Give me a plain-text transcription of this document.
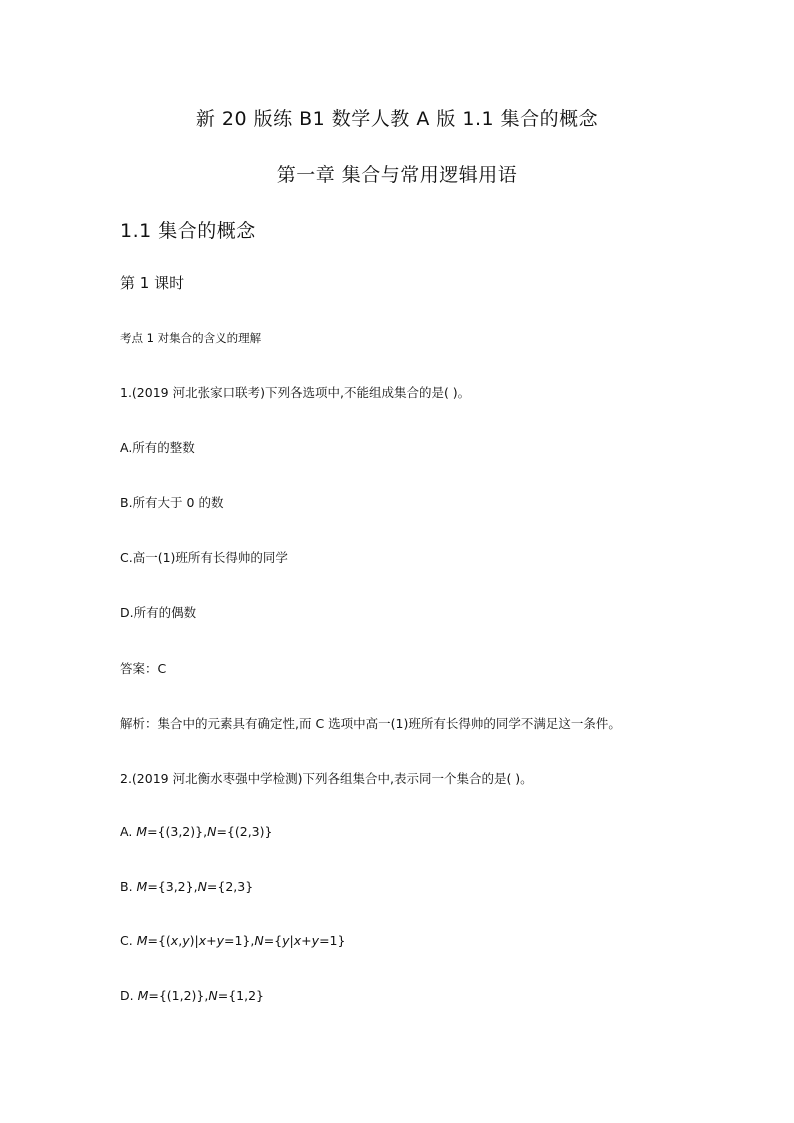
新 20 版练 B1 数学人教 A 版 1.1 集合的概念
第一章 集合与常用逻辑用语
1.1 集合的概念
第 1 课时
考点 1 对集合的含义的理解
1.(2019 河北张家口联考)下列各选项中,不能组成集合的是( )。
A.所有的整数
B.所有大于 0 的数
C.高一(1)班所有长得帅的同学
D.所有的偶数
答案：C
解析：集合中的元素具有确定性,而 C 选项中高一(1)班所有长得帅的同学不满足这一条件。
2.(2019 河北衡水枣强中学检测)下列各组集合中,表示同一个集合的是( )。
A. M={(3,2)},N={(2,3)}
B. M={3,2},N={2,3}
C. M={(x,y)|x+y=1},N={y|x+y=1}
D. M={(1,2)},N={1,2}
